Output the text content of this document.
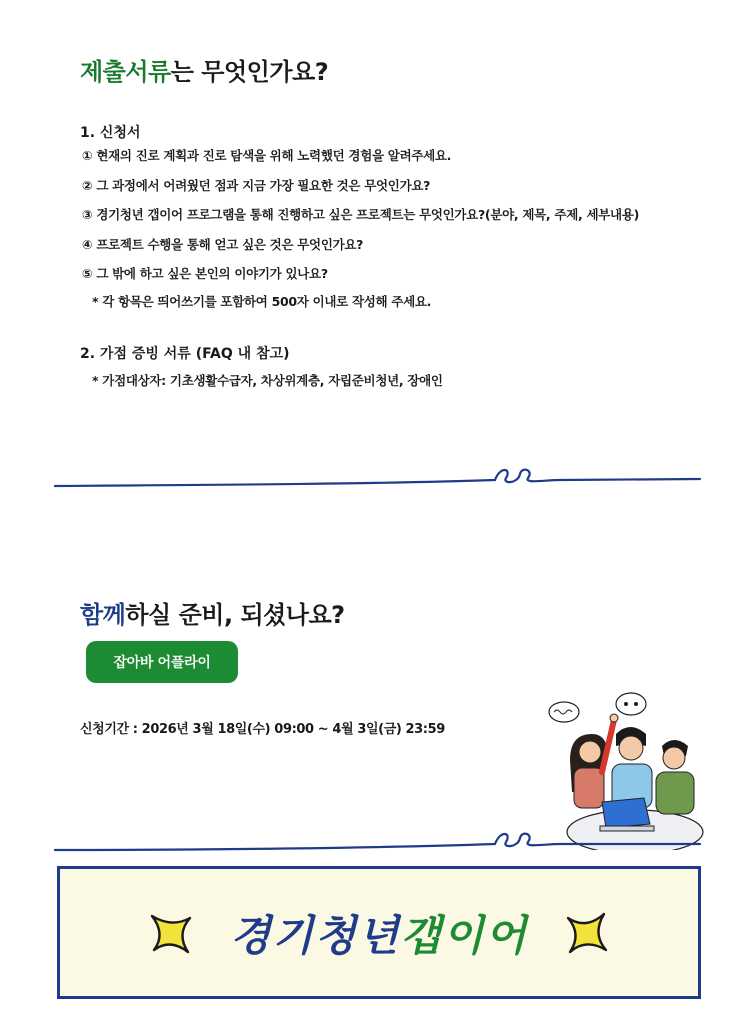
제출서류는 무엇인가요?
1. 신청서
① 현재의 진로 계획과 진로 탐색을 위해 노력했던 경험을 알려주세요.
② 그 과정에서 어려웠던 점과 지금 가장 필요한 것은 무엇인가요?
③ 경기청년 갭이어 프로그램을 통해 진행하고 싶은 프로젝트는 무엇인가요?(분야, 제목, 주제, 세부내용)
④ 프로젝트 수행을 통해 얻고 싶은 것은 무엇인가요?
⑤ 그 밖에 하고 싶은 본인의 이야기가 있나요?
* 각 항목은 띄어쓰기를 포함하여 500자 이내로 작성해 주세요.
2. 가점 증빙 서류 (FAQ 내 참고)
* 가점대상자: 기초생활수급자, 차상위계층, 자립준비청년, 장애인
함께하실 준비, 되셨나요?
잡아바 어플라이
신청기간 : 2026년 3월 18일(수) 09:00 ~ 4월 3일(금) 23:59
경기청년갭이어
